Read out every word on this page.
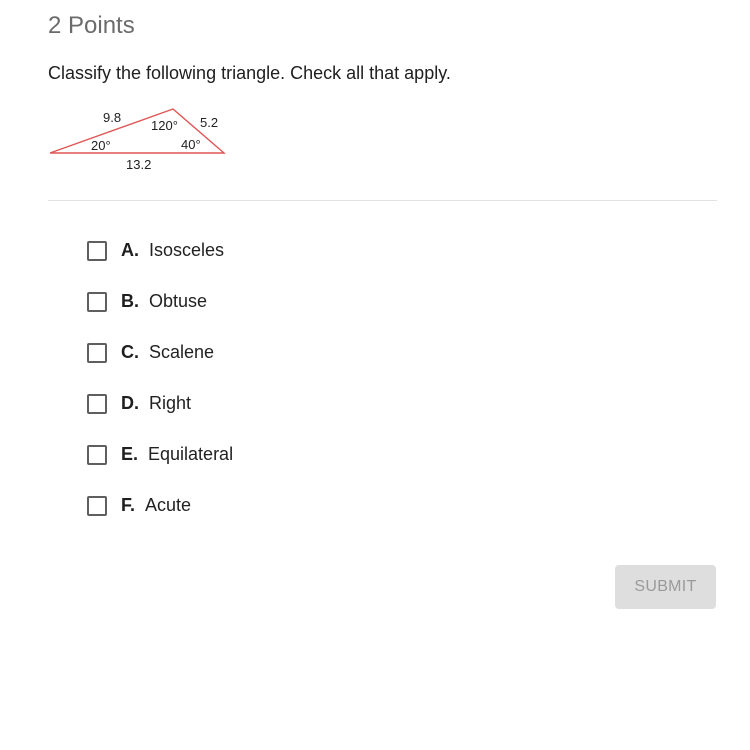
2 Points

Classify the following triangle. Check all that apply.

9.8
120° 5.2
20°	40°
13.2
A. Isosceles
B. Obtuse
C. Scalene
D. Right
E. Equilateral
F. Acute
SUBMIT
